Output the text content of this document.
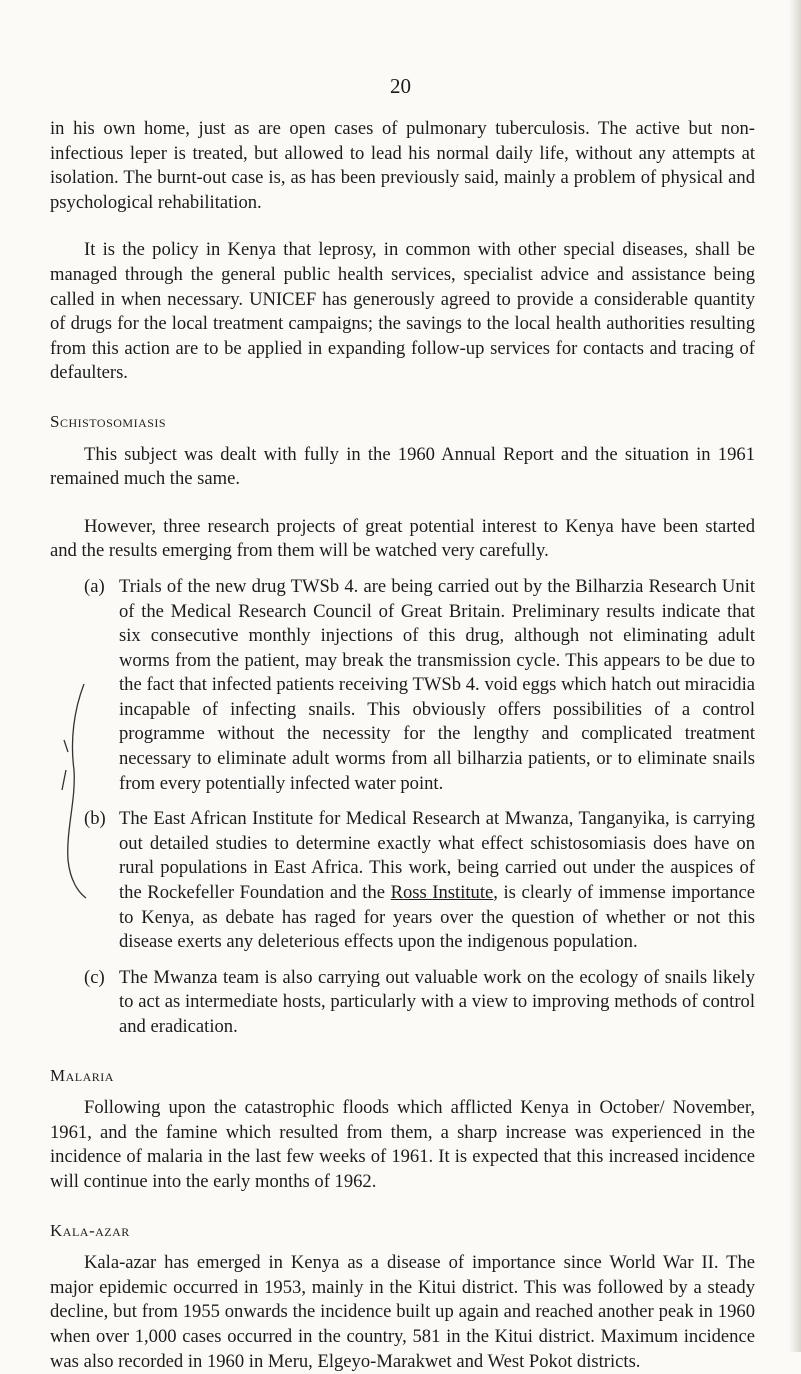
20

in his own home, just as are open cases of pulmonary tuberculosis. The active but non-infectious leper is treated, but allowed to lead his normal daily life, without any attempts at isolation. The burnt-out case is, as has been previously said, mainly a problem of physical and psychological rehabilitation.

It is the policy in Kenya that leprosy, in common with other special diseases, shall be managed through the general public health services, specialist advice and assistance being called in when necessary. UNICEF has generously agreed to provide a considerable quantity of drugs for the local treatment campaigns; the savings to the local health authorities resulting from this action are to be applied in expanding follow-up services for contacts and tracing of defaulters.

Schistosomiasis

This subject was dealt with fully in the 1960 Annual Report and the situation in 1961 remained much the same.

However, three research projects of great potential interest to Kenya have been started and the results emerging from them will be watched very carefully.

(a) Trials of the new drug TWSb 4. are being carried out by the Bilharzia Research Unit of the Medical Research Council of Great Britain. Preliminary results indicate that six consecutive monthly injections of this drug, although not eliminating adult worms from the patient, may break the transmission cycle. This appears to be due to the fact that infected patients receiving TWSb 4. void eggs which hatch out miracidia incapable of infecting snails. This obviously offers possibilities of a control programme without the necessity for the lengthy and complicated treatment necessary to eliminate adult worms from all bilharzia patients, or to eliminate snails from every potentially infected water point.
(b) The East African Institute for Medical Research at Mwanza, Tanganyika, is carrying out detailed studies to determine exactly what effect schistosomiasis does have on rural populations in East Africa. This work, being carried out under the auspices of the Rockefeller Foundation and the Ross Institute, is clearly of immense importance to Kenya, as debate has raged for years over the question of whether or not this disease exerts any deleterious effects upon the indigenous population.
(c) The Mwanza team is also carrying out valuable work on the ecology of snails likely to act as intermediate hosts, particularly with a view to improving methods of control and eradication.

Malaria

Following upon the catastrophic floods which afflicted Kenya in October/ November, 1961, and the famine which resulted from them, a sharp increase was experienced in the incidence of malaria in the last few weeks of 1961. It is expected that this increased incidence will continue into the early months of 1962.

Kala-azar

Kala-azar has emerged in Kenya as a disease of importance since World War II. The major epidemic occurred in 1953, mainly in the Kitui district. This was followed by a steady decline, but from 1955 onwards the incidence built up again and reached another peak in 1960 when over 1,000 cases occurred in the country, 581 in the Kitui district. Maximum incidence was also recorded in 1960 in Meru, Elgeyo-Marakwet and West Pokot districts.
